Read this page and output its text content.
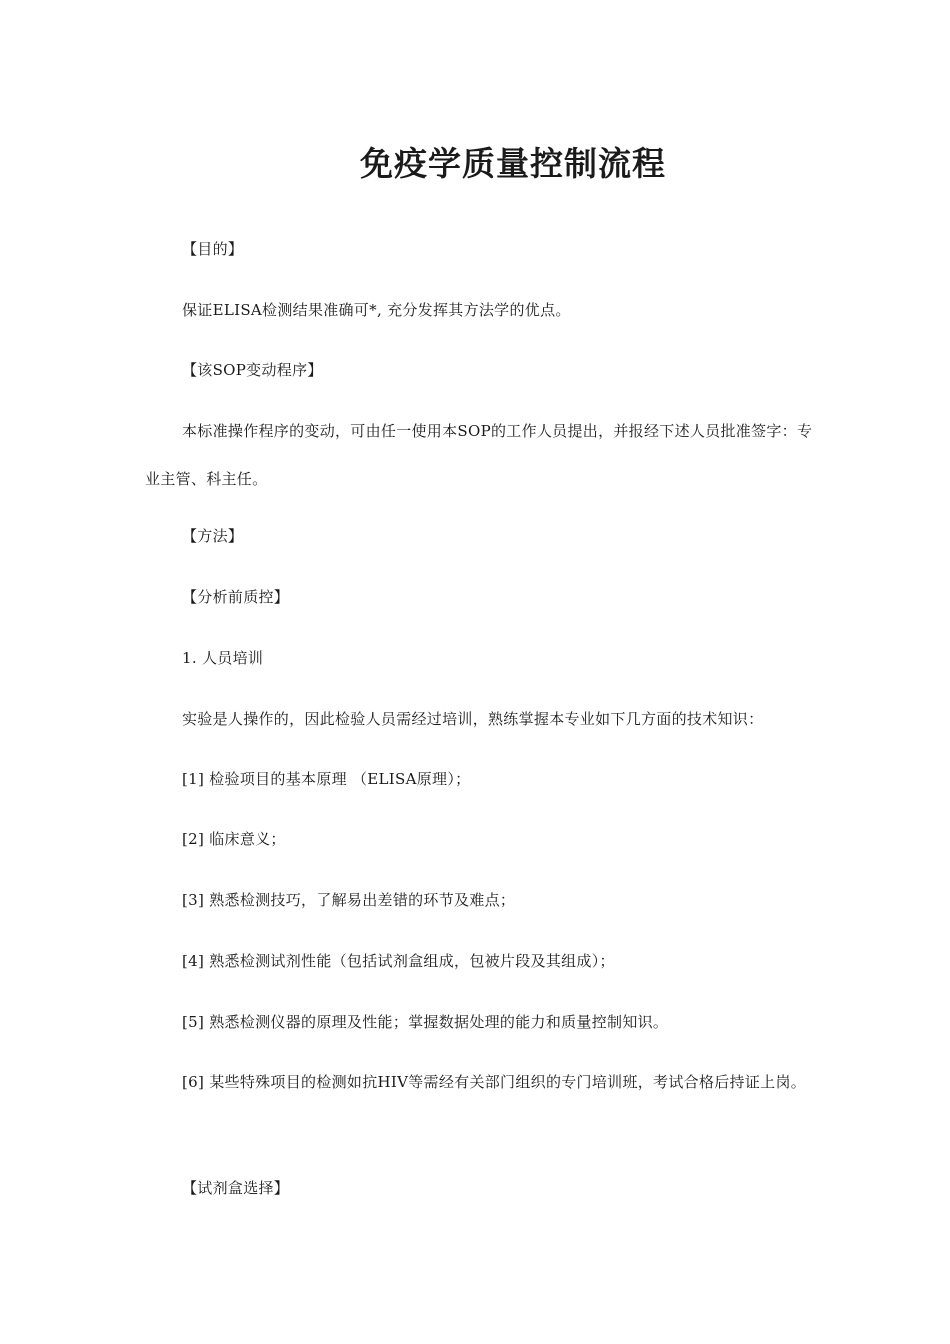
免疫学质量控制流程
【目的】
保证ELISA检测结果准确可*, 充分发挥其方法学的优点。
【该SOP变动程序】
本标准操作程序的变动，可由任一使用本SOP的工作人员提出，并报经下述人员批准签字：专业主管、科主任。
【方法】
【分析前质控】
1. 人员培训
实验是人操作的，因此检验人员需经过培训，熟练掌握本专业如下几方面的技术知识：
[1] 检验项目的基本原理 （ELISA原理）；
[2] 临床意义；
[3] 熟悉检测技巧，了解易出差错的环节及难点；
[4] 熟悉检测试剂性能（包括试剂盒组成，包被片段及其组成）；
[5] 熟悉检测仪器的原理及性能；掌握数据处理的能力和质量控制知识。
[6] 某些特殊项目的检测如抗HIV等需经有关部门组织的专门培训班，考试合格后持证上岗。
【试剂盒选择】
